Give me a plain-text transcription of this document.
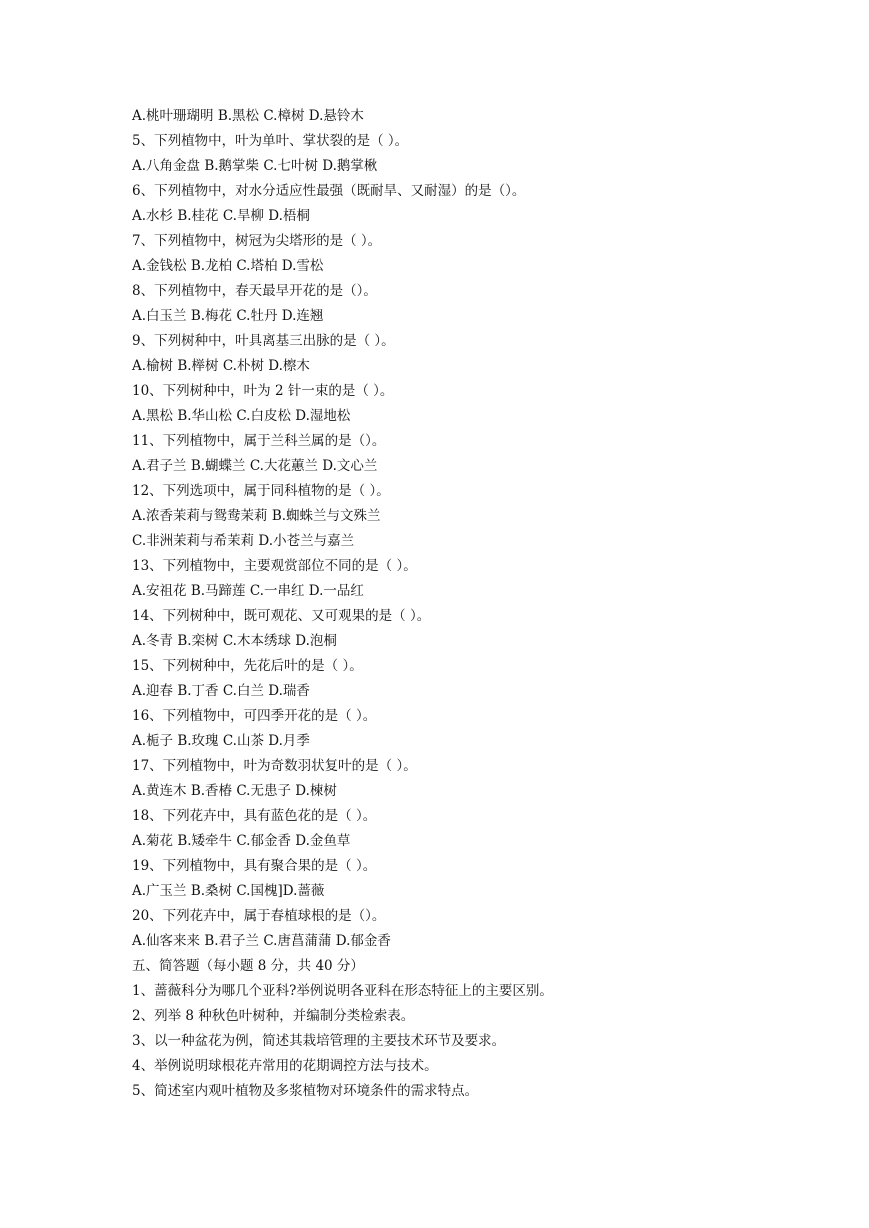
A.桃叶珊瑚明 B.黑松 C.樟树 D.悬铃木

5、下列植物中，叶为单叶、掌状裂的是（ ）。

A.八角金盘 B.鹅掌柴 C.七叶树 D.鹅掌楸

6、下列植物中，对水分适应性最强（既耐旱、又耐湿）的是（）。

A.水杉 B.桂花 C.旱柳 D.梧桐

7、下列植物中，树冠为尖塔形的是（ ）。

A.金钱松 B.龙柏 C.塔柏 D.雪松

8、下列植物中，春天最早开花的是（）。

A.白玉兰 B.梅花 C.牡丹 D.连翘

9、下列树种中，叶具离基三出脉的是（ ）。

A.榆树 B.榉树 C.朴树 D.檫木

10、下列树种中，叶为 2 针一束的是（ ）。

A.黑松 B.华山松 C.白皮松 D.湿地松

11、下列植物中，属于兰科兰属的是（）。

A.君子兰 B.蝴蝶兰 C.大花蕙兰 D.文心兰

12、下列选项中，属于同科植物的是（ ）。

A.浓香茉莉与鸳鸯茉莉 B.蜘蛛兰与文殊兰

C.非洲茉莉与希茉莉 D.小苍兰与嘉兰

13、下列植物中，主要观赏部位不同的是（ ）。

A.安祖花 B.马蹄莲 C.一串红 D.一品红

14、下列树种中，既可观花、又可观果的是（ ）。

A.冬青 B.栾树 C.木本绣球 D.泡桐

15、下列树种中，先花后叶的是（ ）。

A.迎春 B.丁香 C.白兰 D.瑞香

16、下列植物中，可四季开花的是（ ）。

A.栀子 B.玫瑰 C.山茶 D.月季

17、下列植物中，叶为奇数羽状复叶的是（ ）。

A.黄连木 B.香椿 C.无患子 D.楝树

18、下列花卉中，具有蓝色花的是（ ）。

A.菊花 B.矮牵牛 C.郁金香 D.金鱼草

19、下列植物中，具有聚合果的是（ ）。

A.广玉兰 B.桑树 C.国槐]D.蔷薇

20、下列花卉中，属于春植球根的是（）。

A.仙客来来 B.君子兰 C.唐菖蒲蒲 D.郁金香

五、简答题（每小题 8 分，共 40 分）

1、蔷薇科分为哪几个亚科?举例说明各亚科在形态特征上的主要区别。

2、列举 8 种秋色叶树种，并编制分类检索表。

3、以一种盆花为例，简述其栽培管理的主要技术环节及要求。

4、举例说明球根花卉常用的花期调控方法与技术。

5、简述室内观叶植物及多浆植物对环境条件的需求特点。
